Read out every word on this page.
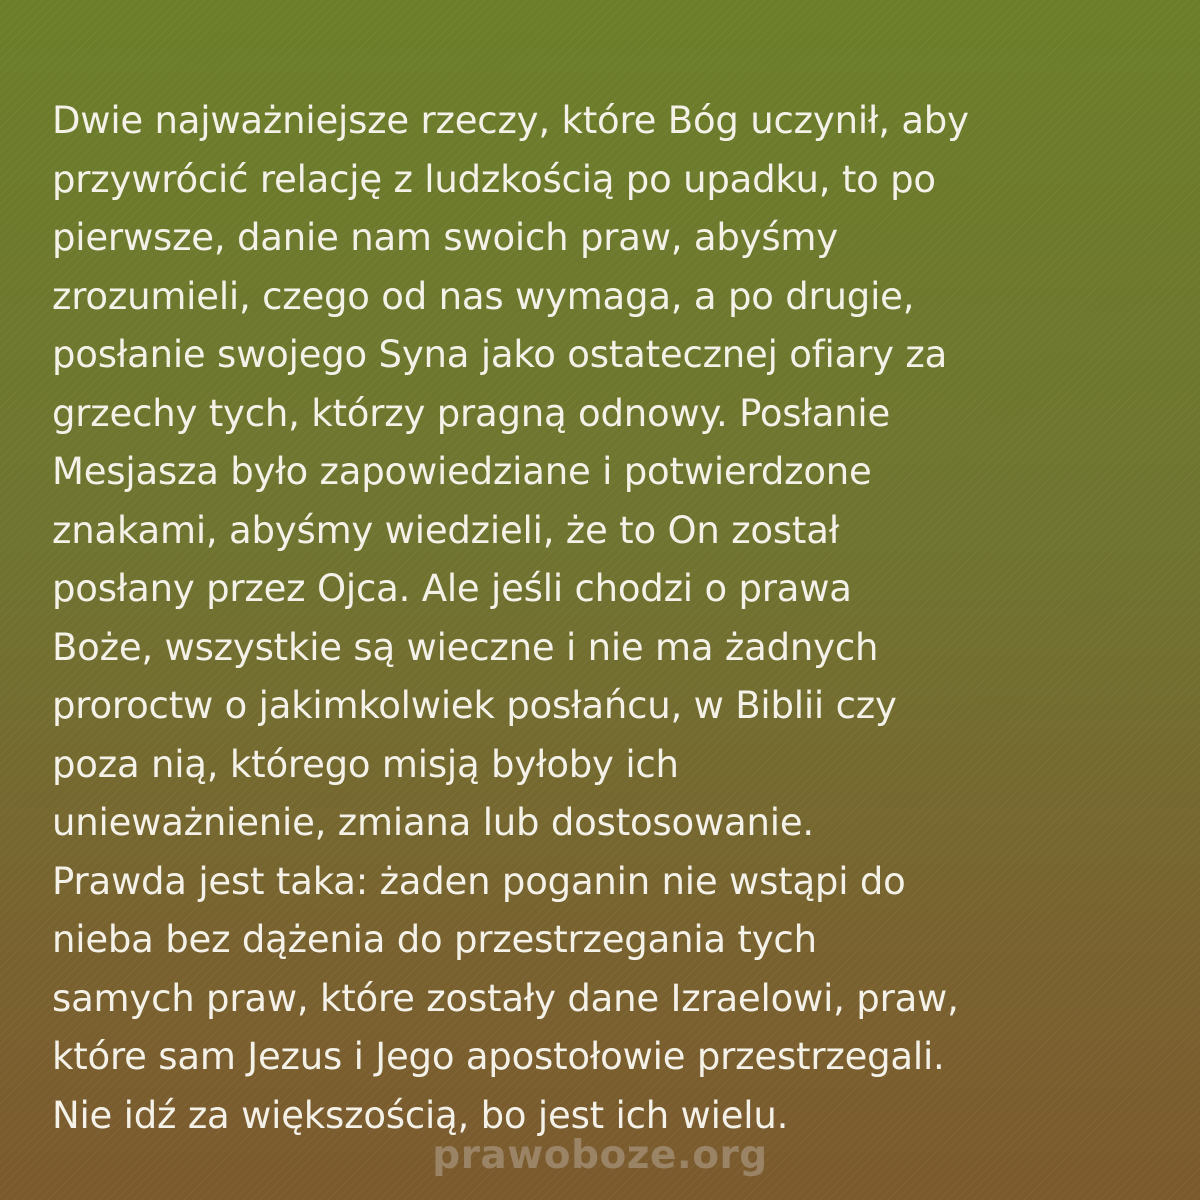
Dwie najważniejsze rzeczy, które Bóg uczynił, aby
przywrócić relację z ludzkością po upadku, to po
pierwsze, danie nam swoich praw, abyśmy
zrozumieli, czego od nas wymaga, a po drugie,
posłanie swojego Syna jako ostatecznej ofiary za
grzechy tych, którzy pragną odnowy. Posłanie
Mesjasza było zapowiedziane i potwierdzone
znakami, abyśmy wiedzieli, że to On został
posłany przez Ojca. Ale jeśli chodzi o prawa
Boże, wszystkie są wieczne i nie ma żadnych
proroctw o jakimkolwiek posłańcu, w Biblii czy
poza nią, którego misją byłoby ich
unieważnienie, zmiana lub dostosowanie.
Prawda jest taka: żaden poganin nie wstąpi do
nieba bez dążenia do przestrzegania tych
samych praw, które zostały dane Izraelowi, praw,
które sam Jezus i Jego apostołowie przestrzegali.
Nie idź za większością, bo jest ich wielu.
prawoboze.org
